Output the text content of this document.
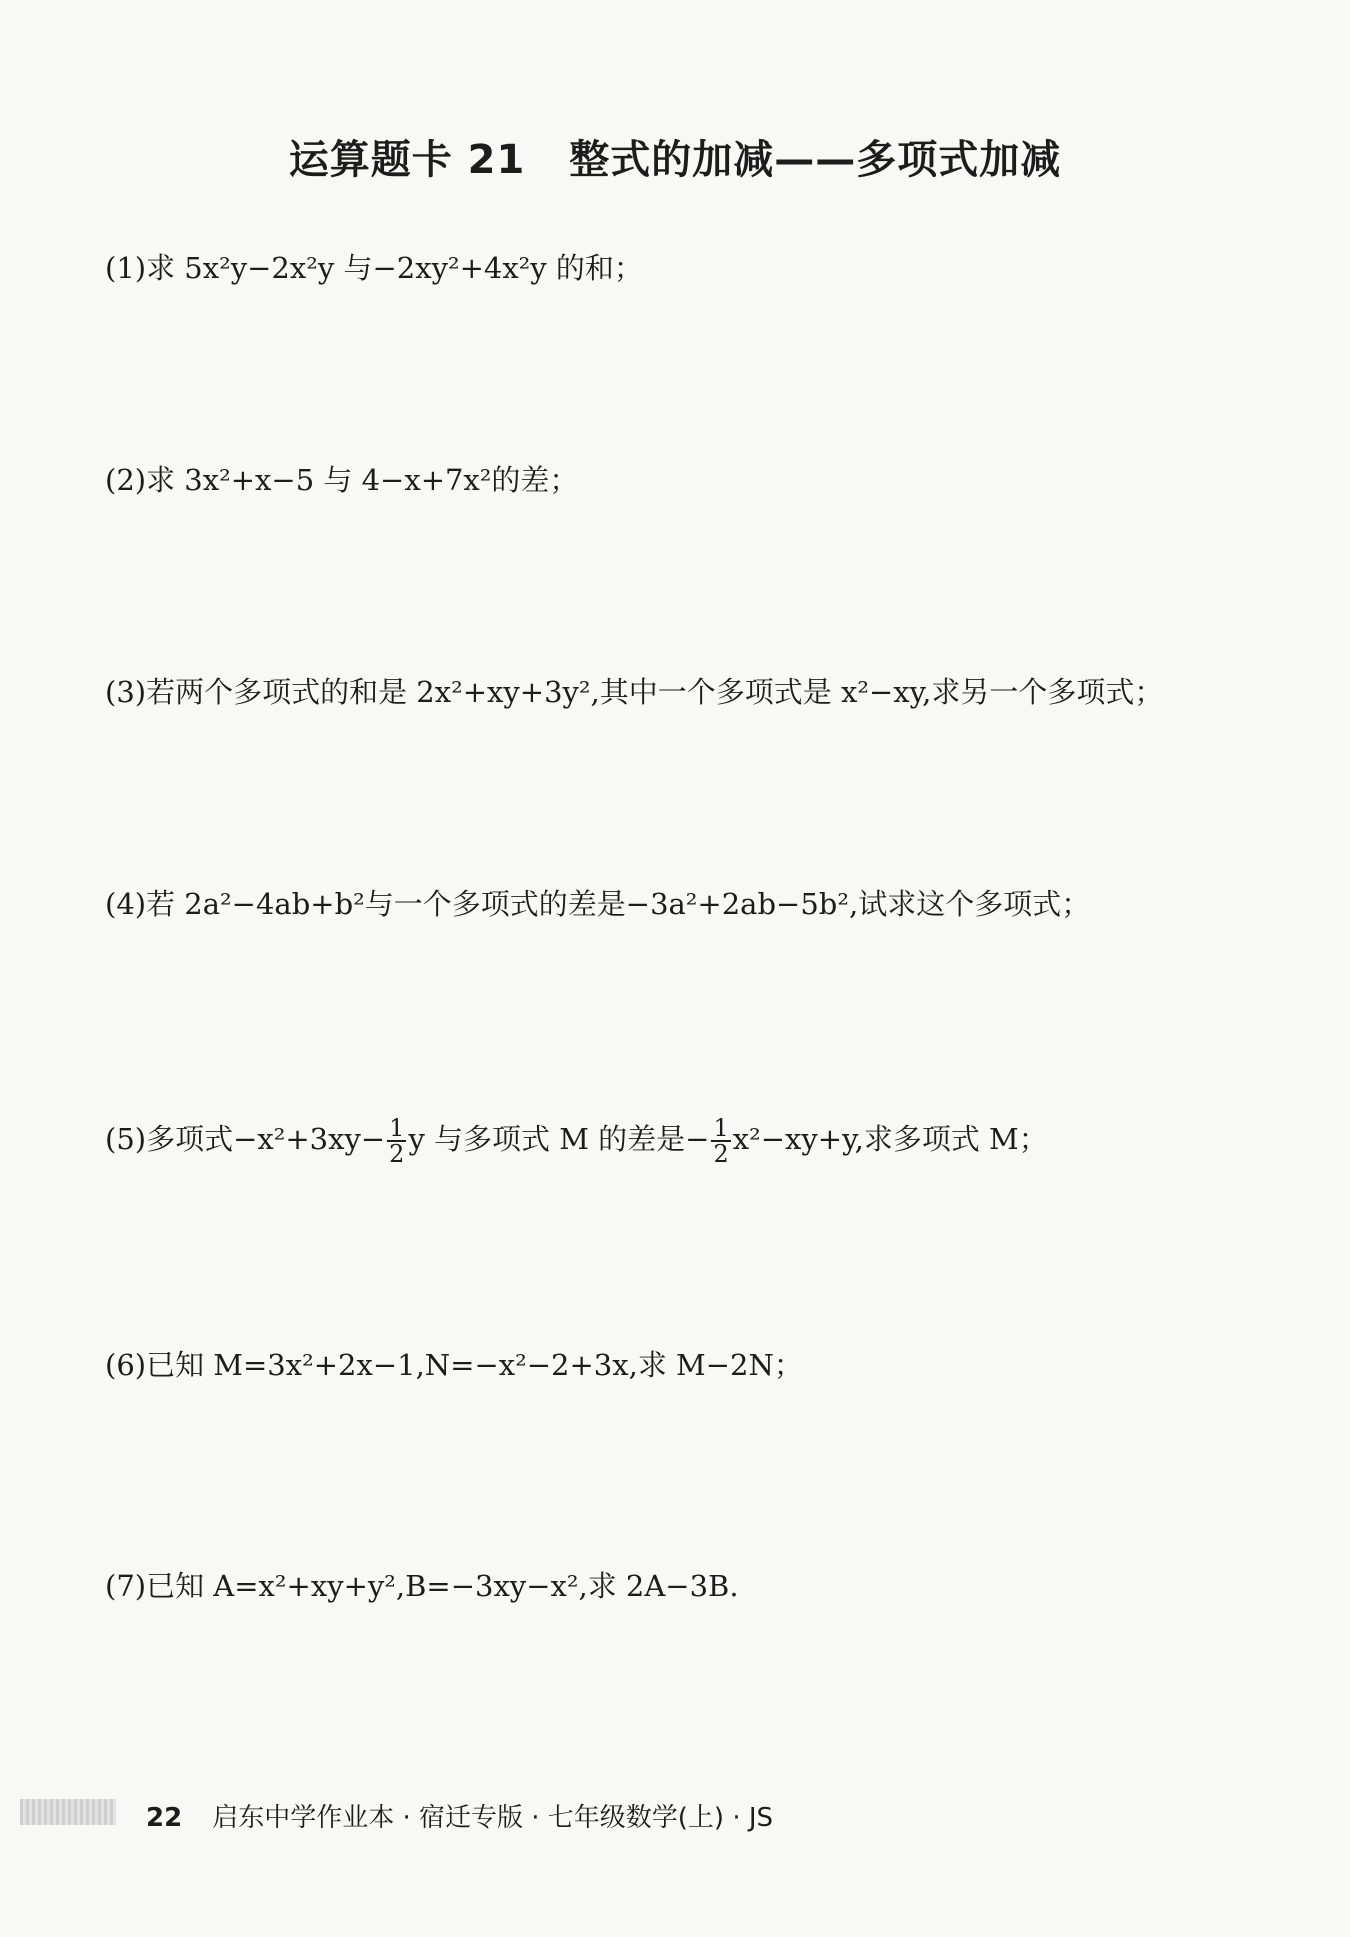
运算题卡 21 整式的加减——多项式加减
(1)求 5x²y−2x²y 与−2xy²+4x²y 的和；
(2)求 3x²+x−5 与 4−x+7x²的差；
(3)若两个多项式的和是 2x²+xy+3y²,其中一个多项式是 x²−xy,求另一个多项式；
(4)若 2a²−4ab+b²与一个多项式的差是−3a²+2ab−5b²,试求这个多项式；
(5)多项式$-x^2+3xy- \frac{1}{2}$ y 与多项式 M 的差是− $\frac{1}{2} x^2-xy+y$,求多项式 M；
(6)已知 M=3x²+2x−1,N=−x²−2+3x,求 M−2N；
(7)已知 A=x²+xy+y²,B=−3xy−x²,求 2A−3B.
22 启东中学作业本 · 宿迁专版 · 七年级数学(上) · JS
